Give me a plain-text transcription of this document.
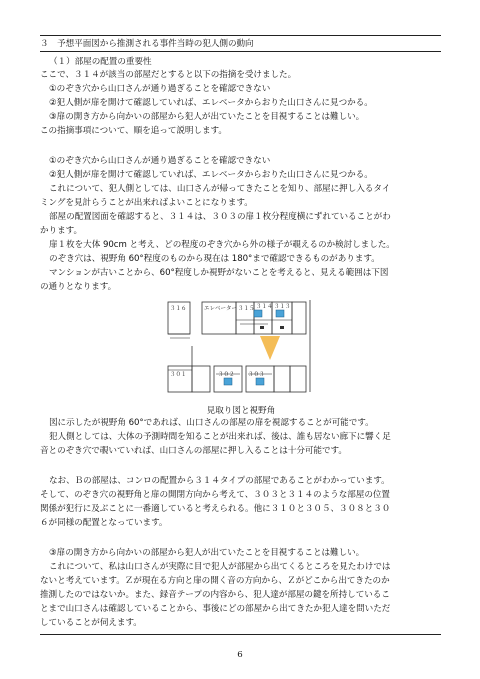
３　予想平面図から推測される事件当時の犯人側の動向
（１）部屋の配置の重要性
ここで、３１４が該当の部屋だとすると以下の指摘を受けました。
①のぞき穴から山口さんが通り過ぎることを確認できない
②犯人側が扉を開けて確認していれば、エレベータからおりた山口さんに見つかる。
③扉の開き方から向かいの部屋から犯人が出ていたことを目視することは難しい。
この指摘事項について、順を追って説明します。
①のぞき穴から山口さんが通り過ぎることを確認できない
②犯人側が扉を開けて確認していれば、エレベータからおりた山口さんに見つかる。
これについて、犯人側としては、山口さんが帰ってきたことを知り、部屋に押し入るタイ
ミングを見計らうことが出来ればよいことになります。
部屋の配置図面を確認すると、３１４は、３０３の扉１枚分程度横にずれていることがわ
かります。
扉１枚を大体 90cm と考え、どの程度のぞき穴から外の様子が覗えるのか検討しました。
のぞき穴は、視野角 60°程度のものから現在は 180°まで確認できるものがあります。
マンションが古いことから、60°程度しか視野がないことを考えると、見える範囲は下図
の通りとなります。
３１６	エレベーター ３１５ ３１４ ３１３
３０１	３０２ ３０３
見取り図と視野角
図に示したが視野角 60°であれば、山口さんの部屋の扉を視認することが可能です。
犯人側としては、大体の予測時間を知ることが出来れば、後は、誰も居ない廊下に響く足
音とのぞき穴で覗いていれば、山口さんの部屋に押し入ることは十分可能です。
なお、Ｂの部屋は、コンロの配置から３１４タイプの部屋であることがわかっています。
そして、のぞき穴の視野角と扉の開閉方向から考えて、３０３と３１４のような部屋の位置
関係が犯行に及ぶことに一番適していると考えられる。他に３１０と３０５、３０８と３０
６が同様の配置となっています。
③扉の開き方から向かいの部屋から犯人が出ていたことを目視することは難しい。
これについて、私は山口さんが実際に目で犯人が部屋から出てくるところを見たわけでは
ないと考えています。Ｚが現在る方向と扉の開く音の方向から、Ｚがどこから出てきたのか
推測したのではないか。また、録音テープの内容から、犯人達が部屋の鍵を所持しているこ
とまで山口さんは確認していることから、事後にどの部屋から出てきたか犯人達を問いただ
していることが伺えます。
6
